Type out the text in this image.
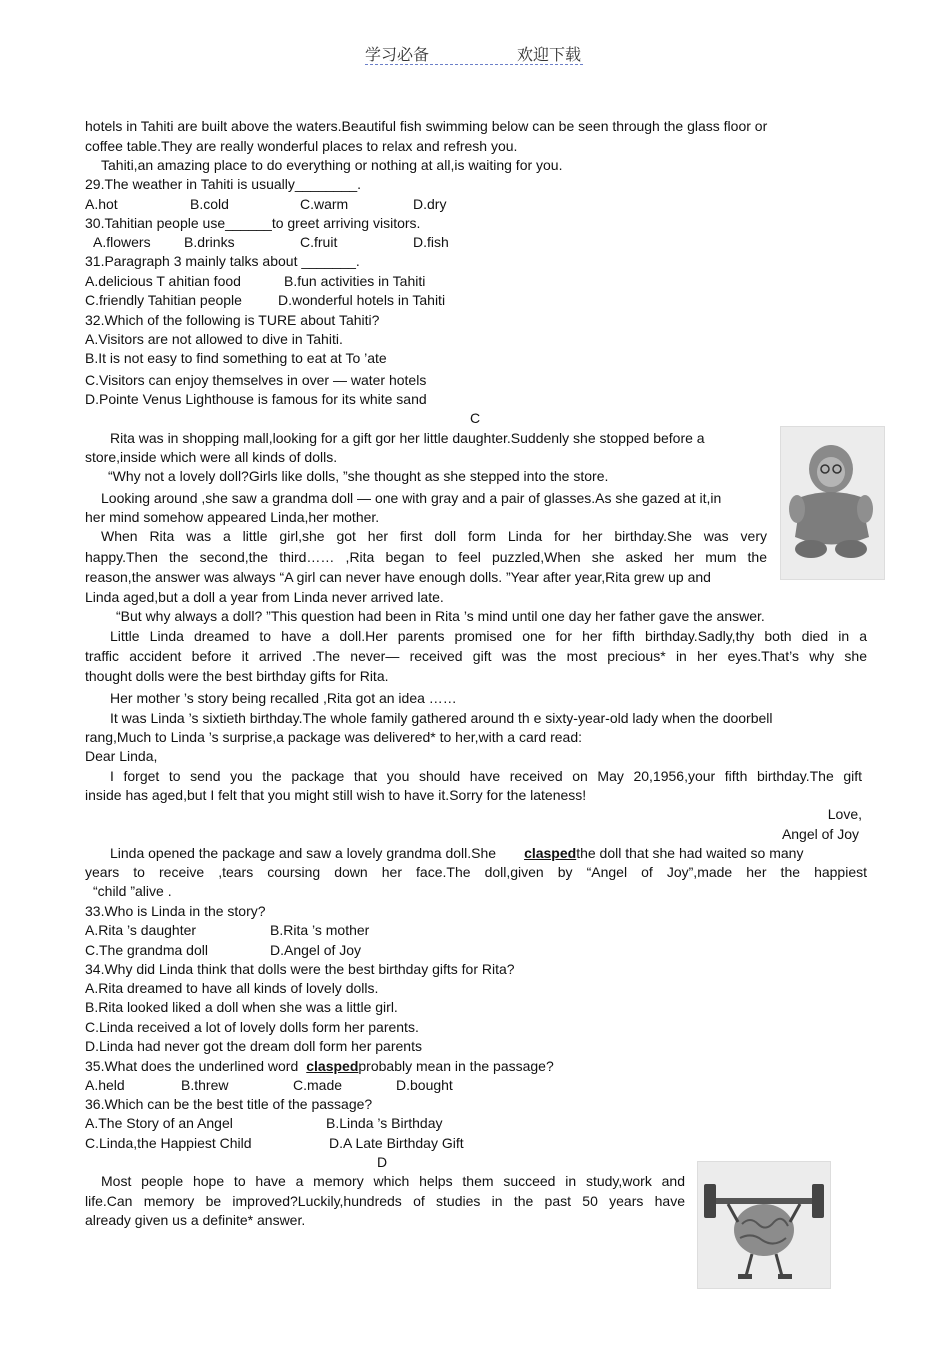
学习必备	欢迎下载
hotels in Tahiti are built above the waters.Beautiful fish swimming below can be seen through the glass floor or
coffee table.They are really wonderful places to relax and refresh you.
Tahiti,an amazing place to do everything or nothing at all,is waiting for you.
29.The weather in Tahiti is usually________.
A.hot	B.cold	C.warm	D.dry
30.Tahitian people use______to greet arriving visitors.
A.flowers B.drinks	C.fruit	D.fish
31.Paragraph 3 mainly talks about _______.
A.delicious T ahitian food	B.fun activities in Tahiti
C.friendly Tahitian people	D.wonderful hotels in Tahiti
32.Which of the following is TURE about Tahiti?
A.Visitors are not allowed to dive in Tahiti.
B.It is not easy to find something to eat at To ’ate
C.Visitors can enjoy themselves in over — water hotels
D.Pointe Venus Lighthouse is famous for its white sand
C
Rita was in shopping mall,looking for a gift gor her little daughter.Suddenly she stopped before a
store,inside which were all kinds of dolls.
“Why not a lovely doll?Girls like dolls, ”she thought as she stepped into the store.
Looking around ,she saw a grandma doll — one with gray and a pair of glasses.As she gazed at it,in
her mind somehow appeared Linda,her mother.
When Rita was a little girl,she got her first doll form Linda for her birthday.She was very
happy.Then the second,the third…… ,Rita began to feel puzzled,When she asked her mum the
reason,the answer was always “A girl can never have enough dolls. ”Year after year,Rita grew up and
Linda aged,but a doll a year from Linda never arrived late.
“But why always a doll? ”This question had been in Rita ’s mind until one day her father gave the answer.
Little Linda dreamed to have a doll.Her parents promised one for her fifth birthday.Sadly,thy both died in a
traffic accident before it arrived .The never— received gift was the most precious* in her eyes.That’s why she
thought dolls were the best birthday gifts for Rita.
Her mother ’s story being recalled ,Rita got an idea ……
It was Linda ’s sixtieth birthday.The whole family gathered around th e sixty-year-old lady when the doorbell
rang,Much to Linda ’s surprise,a package was delivered* to her,with a card read:
Dear Linda,
I forget to send you the package that you should have received on May 20,1956,your fifth birthday.The gift
inside has aged,but I felt that you might still wish to have it.Sorry for the lateness!
Love,
Angel of Joy
Linda opened the package and saw a lovely grandma doll.She claspedthe doll that she had waited so many
years to receive ,tears coursing down her face.The doll,given by “Angel of Joy”,made her the happiest
“child ”alive .
33.Who is Linda in the story?
A.Rita ’s daughter	B.Rita ’s mother
C.The grandma doll	D.Angel of Joy
34.Why did Linda think that dolls were the best birthday gifts for Rita?
A.Rita dreamed to have all kinds of lovely dolls.
B.Rita looked liked a doll when she was a little girl.
C.Linda received a lot of lovely dolls form her parents.
D.Linda had never got the dream doll form her parents
35.What does the underlined word claspedprobably mean in the passage?
A.held	B.threw	C.made	D.bought
36.Which can be the best title of the passage?
A.The Story of an Angel	B.Linda ’s Birthday
C.Linda,the Happiest Child	D.A Late Birthday Gift
D
Most people hope to have a memory which helps them succeed in study,work and
life.Can memory be improved?Luckily,hundreds of studies in the past 50 years have
already given us a definite* answer.
